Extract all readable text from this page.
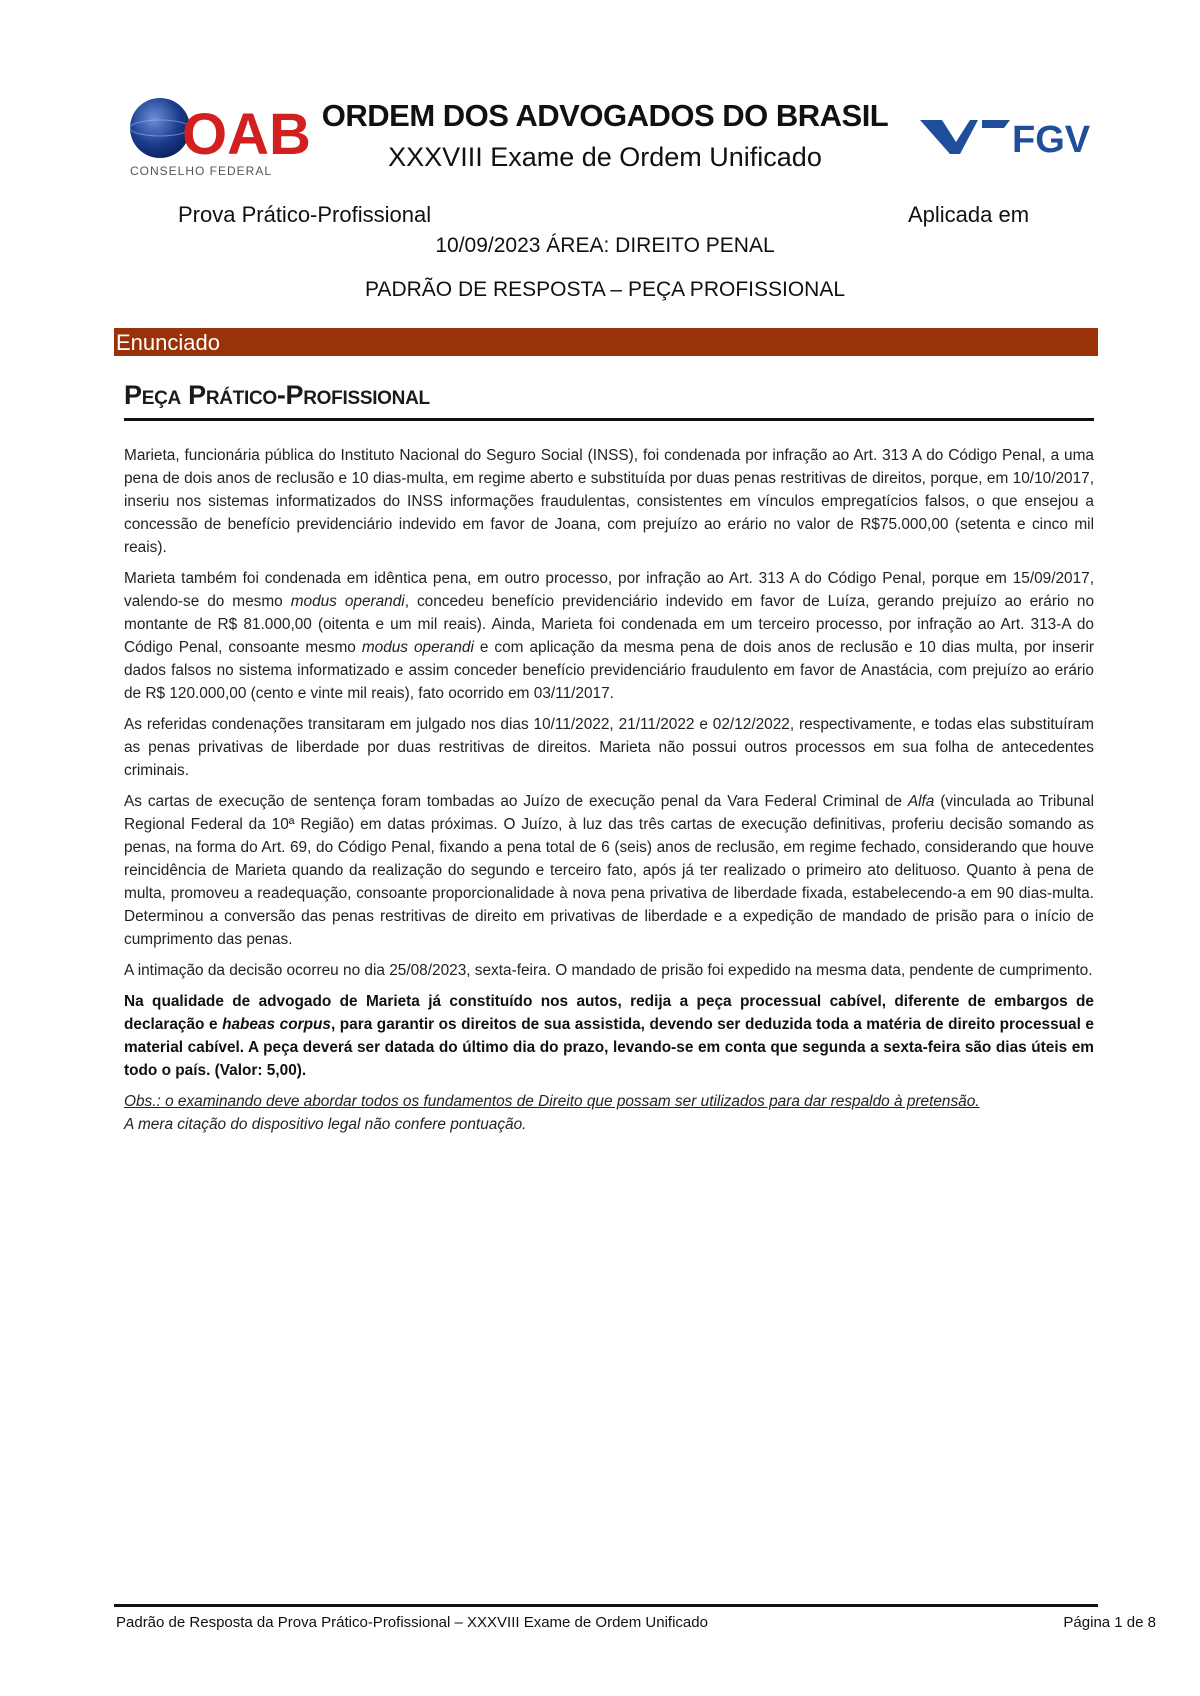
OAB
CONSELHO FEDERAL
ORDEM DOS ADVOGADOS DO BRASIL
XXXVIII Exame de Ordem Unificado	FGV
Prova Prático-Profissional	Aplicada em
10/09/2023 ÁREA: DIREITO PENAL
PADRÃO DE RESPOSTA – PEÇA PROFISSIONAL
Enunciado
Peça Prático-Profissional

Marieta, funcionária pública do Instituto Nacional do Seguro Social (INSS), foi condenada por infração ao Art. 313 A do Código Penal, a uma pena de dois anos de reclusão e 10 dias-multa, em regime aberto e substituída por duas penas restritivas de direitos, porque, em 10/10/2017, inseriu nos sistemas informatizados do INSS informações fraudulentas, consistentes em vínculos empregatícios falsos, o que ensejou a concessão de benefício previdenciário indevido em favor de Joana, com prejuízo ao erário no valor de R$75.000,00 (setenta e cinco mil reais).

Marieta também foi condenada em idêntica pena, em outro processo, por infração ao Art. 313 A do Código Penal, porque em 15/09/2017, valendo-se do mesmo modus operandi, concedeu benefício previdenciário indevido em favor de Luíza, gerando prejuízo ao erário no montante de R$ 81.000,00 (oitenta e um mil reais). Ainda, Marieta foi condenada em um terceiro processo, por infração ao Art. 313-A do Código Penal, consoante mesmo modus operandi e com aplicação da mesma pena de dois anos de reclusão e 10 dias multa, por inserir dados falsos no sistema informatizado e assim conceder benefício previdenciário fraudulento em favor de Anastácia, com prejuízo ao erário de R$ 120.000,00 (cento e vinte mil reais), fato ocorrido em 03/11/2017.

As referidas condenações transitaram em julgado nos dias 10/11/2022, 21/11/2022 e 02/12/2022, respectivamente, e todas elas substituíram as penas privativas de liberdade por duas restritivas de direitos. Marieta não possui outros processos em sua folha de antecedentes criminais.

As cartas de execução de sentença foram tombadas ao Juízo de execução penal da Vara Federal Criminal de Alfa (vinculada ao Tribunal Regional Federal da 10ª Região) em datas próximas. O Juízo, à luz das três cartas de execução definitivas, proferiu decisão somando as penas, na forma do Art. 69, do Código Penal, fixando a pena total de 6 (seis) anos de reclusão, em regime fechado, considerando que houve reincidência de Marieta quando da realização do segundo e terceiro fato, após já ter realizado o primeiro ato delituoso. Quanto à pena de multa, promoveu a readequação, consoante proporcionalidade à nova pena privativa de liberdade fixada, estabelecendo-a em 90 dias-multa. Determinou a conversão das penas restritivas de direito em privativas de liberdade e a expedição de mandado de prisão para o início de cumprimento das penas.

A intimação da decisão ocorreu no dia 25/08/2023, sexta-feira. O mandado de prisão foi expedido na mesma data, pendente de cumprimento.

Na qualidade de advogado de Marieta já constituído nos autos, redija a peça processual cabível, diferente de embargos de declaração e habeas corpus, para garantir os direitos de sua assistida, devendo ser deduzida toda a matéria de direito processual e material cabível. A peça deverá ser datada do último dia do prazo, levando-se em conta que segunda a sexta-feira são dias úteis em todo o país. (Valor: 5,00).

Obs.: o examinando deve abordar todos os fundamentos de Direito que possam ser utilizados para dar respaldo à pretensão.
A mera citação do dispositivo legal não confere pontuação.

Padrão de Resposta da Prova Prático-Profissional – XXXVIII Exame de Ordem Unificado	Página 1 de 8
